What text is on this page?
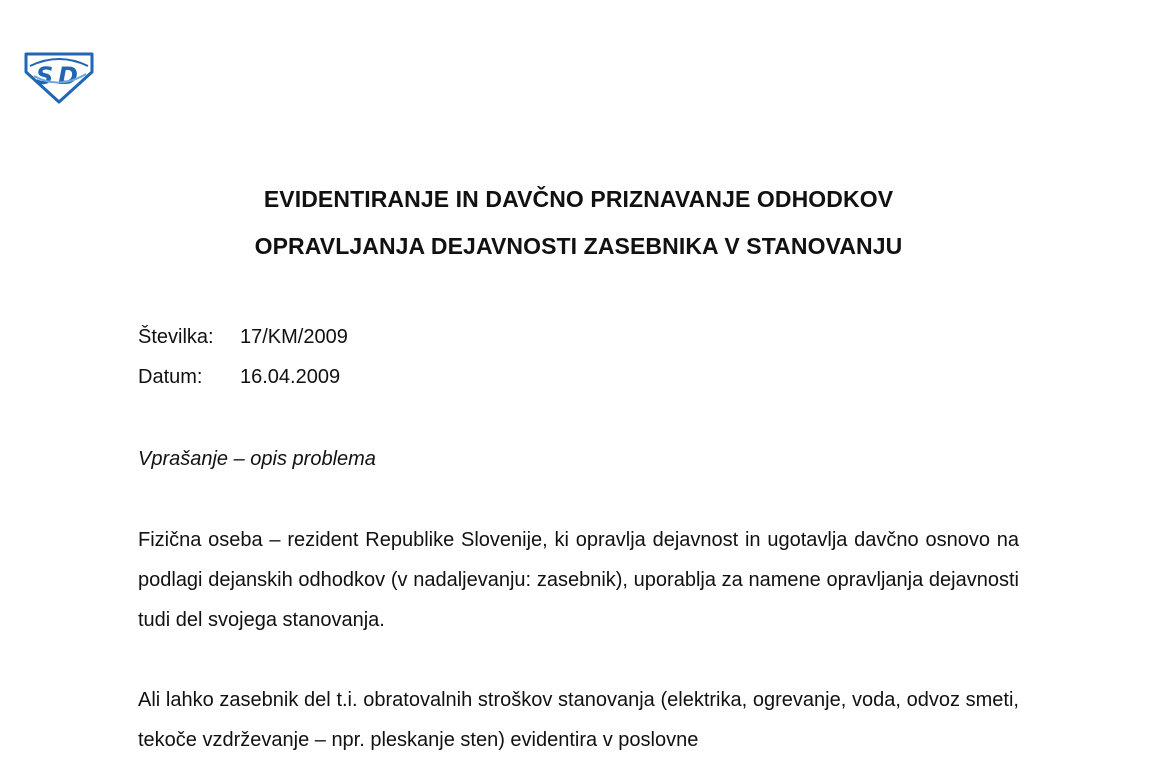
S D
EVIDENTIRANJE IN DAVČNO PRIZNAVANJE ODHODKOV
OPRAVLJANJA DEJAVNOSTI ZASEBNIKA V STANOVANJU
Številka: 17/KM/2009
Datum: 16.04.2009
Vprašanje – opis problema

Fizična oseba – rezident Republike Slovenije, ki opravlja dejavnost in ugotavlja davčno osnovo na podlagi dejanskih odhodkov (v nadaljevanju: zasebnik), uporablja za namene opravljanja dejavnosti tudi del svojega stanovanja.

Ali lahko zasebnik del t.i. obratovalnih stroškov stanovanja (elektrika, ogrevanje, voda, odvoz smeti, tekoče vzdrževanje – npr. pleskanje sten) evidentira v poslovne
